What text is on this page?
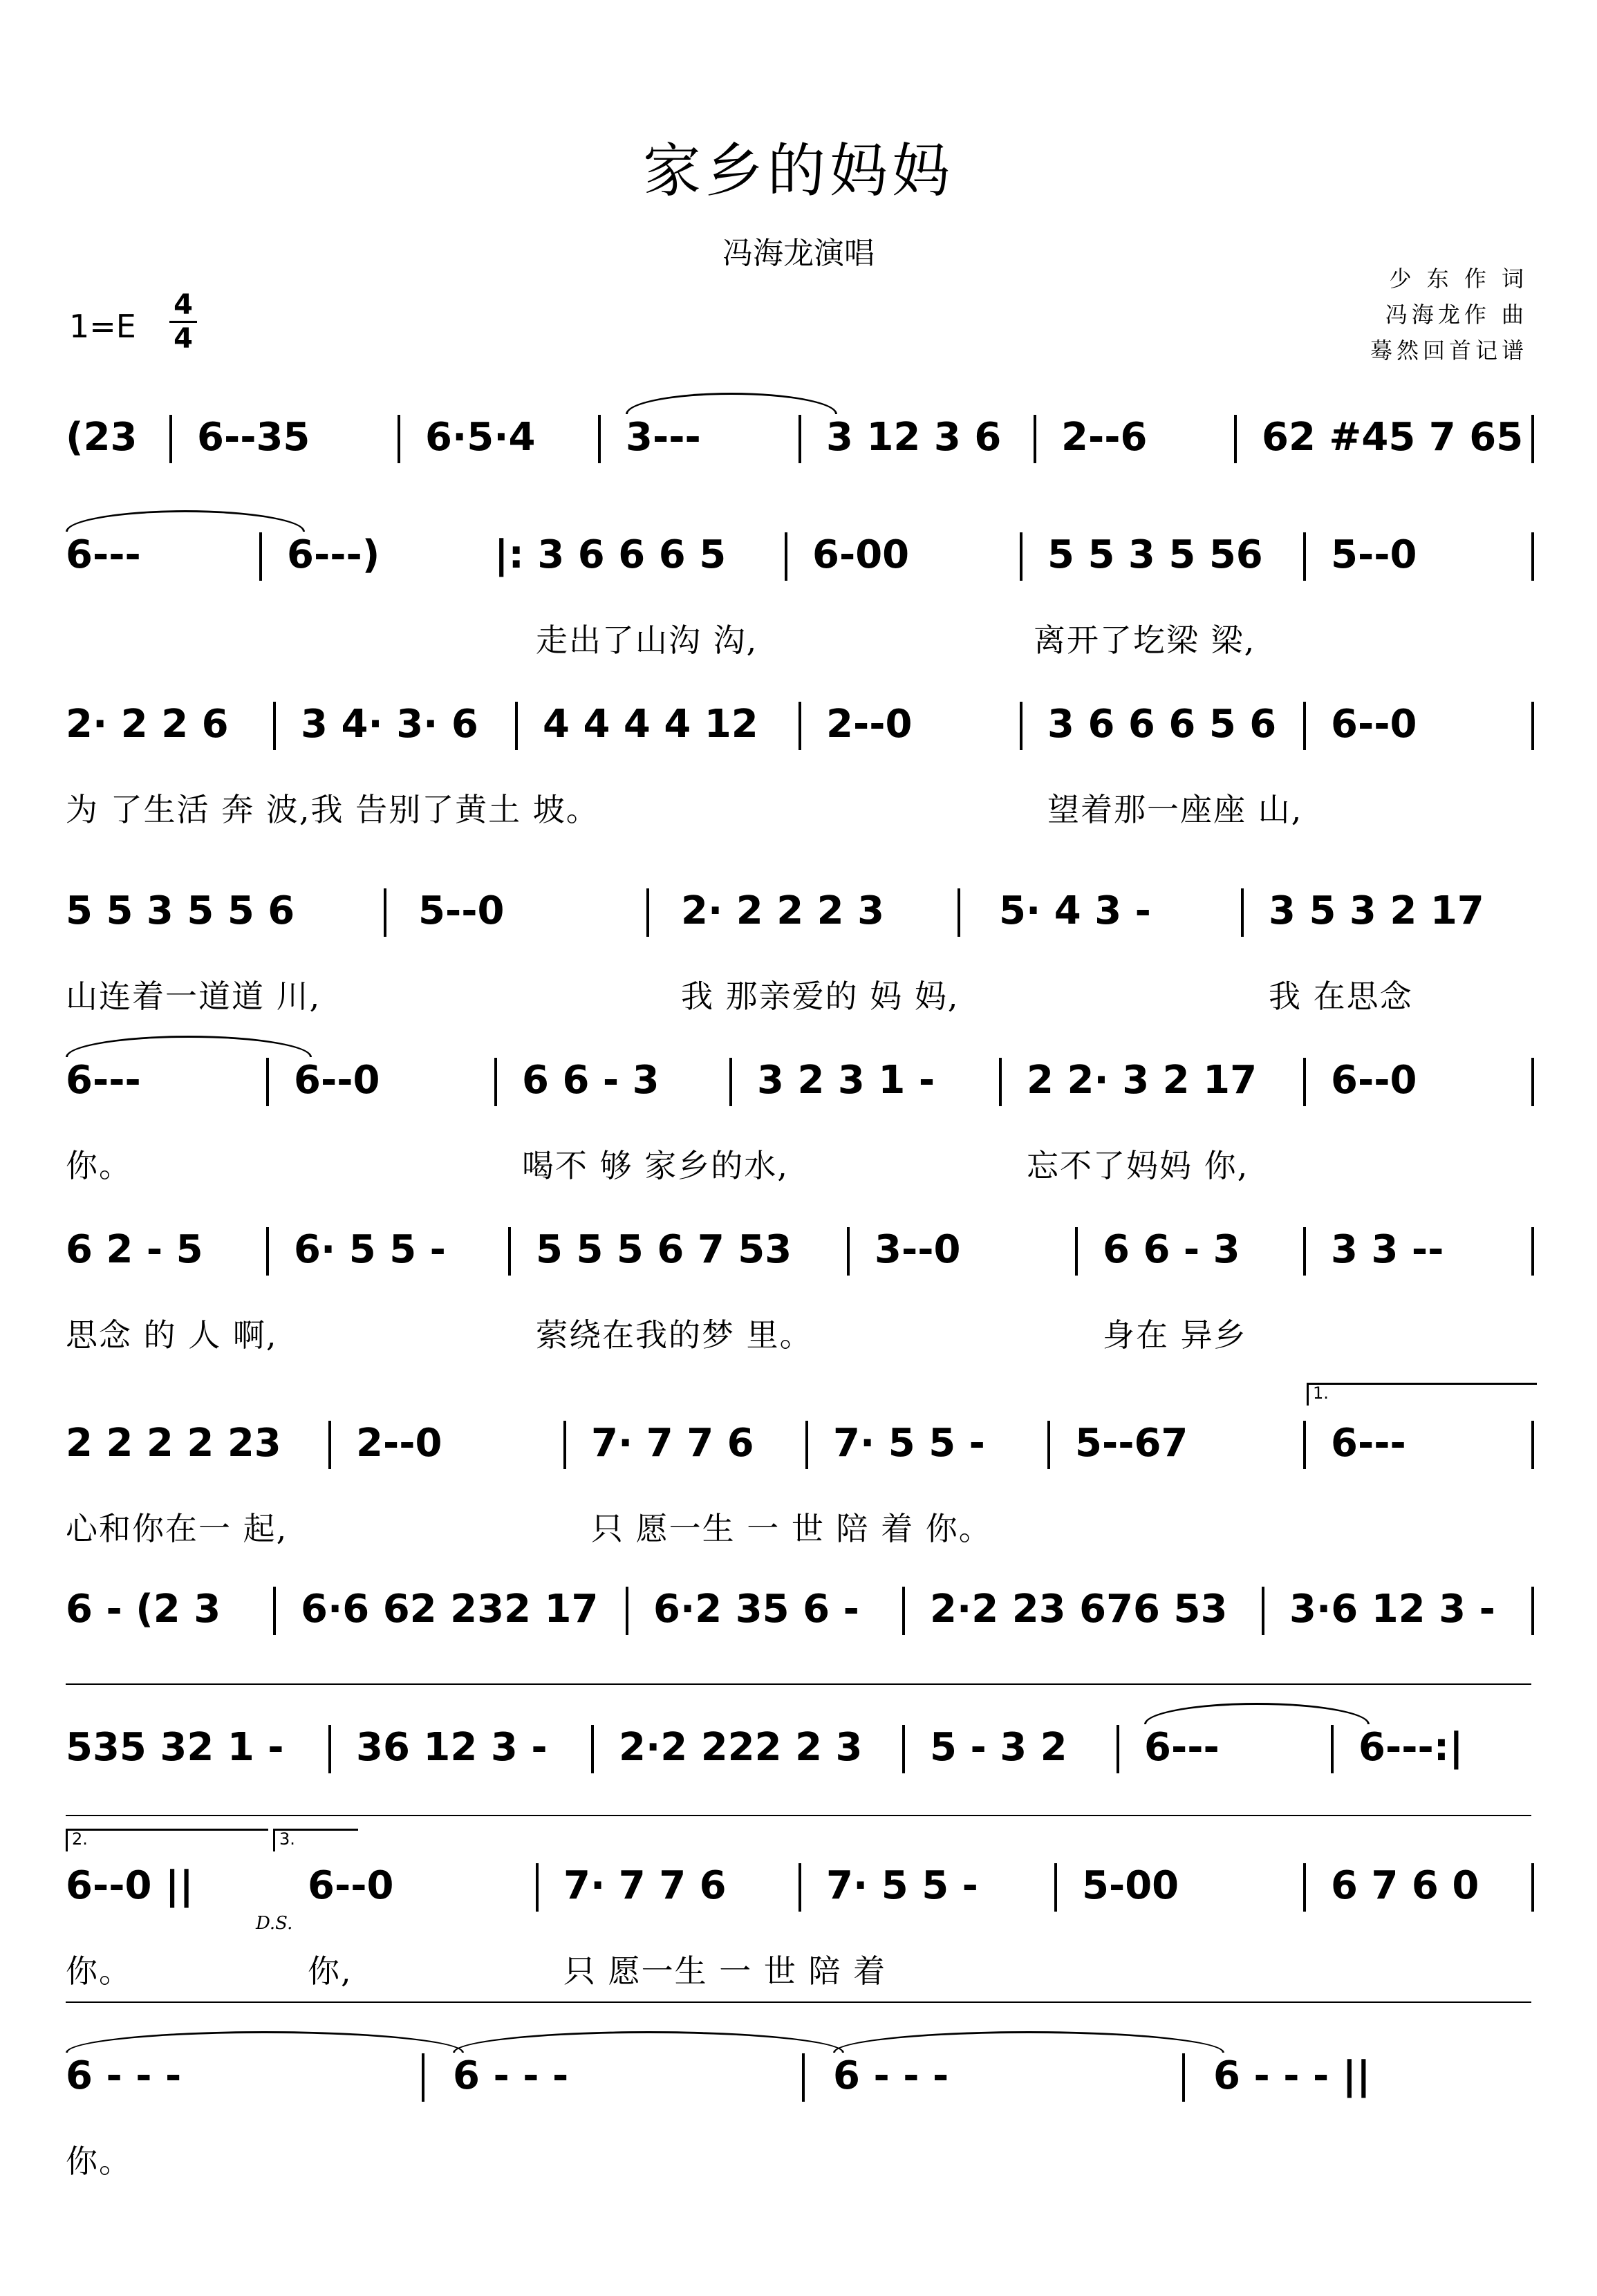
家乡的妈妈
冯海龙演唱
少 东 作 词
冯海龙作 曲
蓦然回首记谱
1=E
4
4
(23 6--35	6·5·4 3---	3 12 3 6 2--6	62 #45 7 65
6---	6---)	|: 3 6 6 6 5 6-00	5 5 3 5 56 5--0
走出了山沟 沟,	离开了圪梁 梁,
2· 2 2 6 3 4· 3· 6 4 4 4 4 12 2--0	3 6 6 6 5 6 6--0
为 了生活 奔 波,我 告别了黄土 坡。	望着那一座座 山,
5 5 3 5 5 6	5--0	2· 2 2 2 3	5· 4 3 -	3 5 3 2 17
山连着一道道 川,	我 那亲爱的 妈 妈,	我 在思念
6---	6--0	6 6 - 3	3 2 3 1 - 2 2· 3 2 17 6--0
你。	喝不 够 家乡的水,	忘不了妈妈 你,
6 2 - 5 6· 5 5 - 5 5 5 6 7 53 3--0	6 6 - 3 3 3 --
思念 的 人 啊,	萦绕在我的梦 里。	身在 异乡
2 2 2 2 23 2--0	7· 7 7 6 7· 5 5 - 5--67	6---
1.
心和你在一 起,	只 愿一生 一 世 陪 着 你。
6 - (2 3 6·6 62 232 17 6·2 35 6 - 2·2 23 676 53 3·6 12 3 -
535 32 1 - 36 12 3 - 2·2 222 2 3 5 - 3 2 6---	6---:|
6--0 ||	6--0	7· 7 7 6	7· 5 5 -	5-00	6 7 6 0
2.	3.
D.S.
你。	你,	只 愿一生 一 世 陪 着
6 - - -	6 - - -	6 - - -	6 - - - ||
你。
